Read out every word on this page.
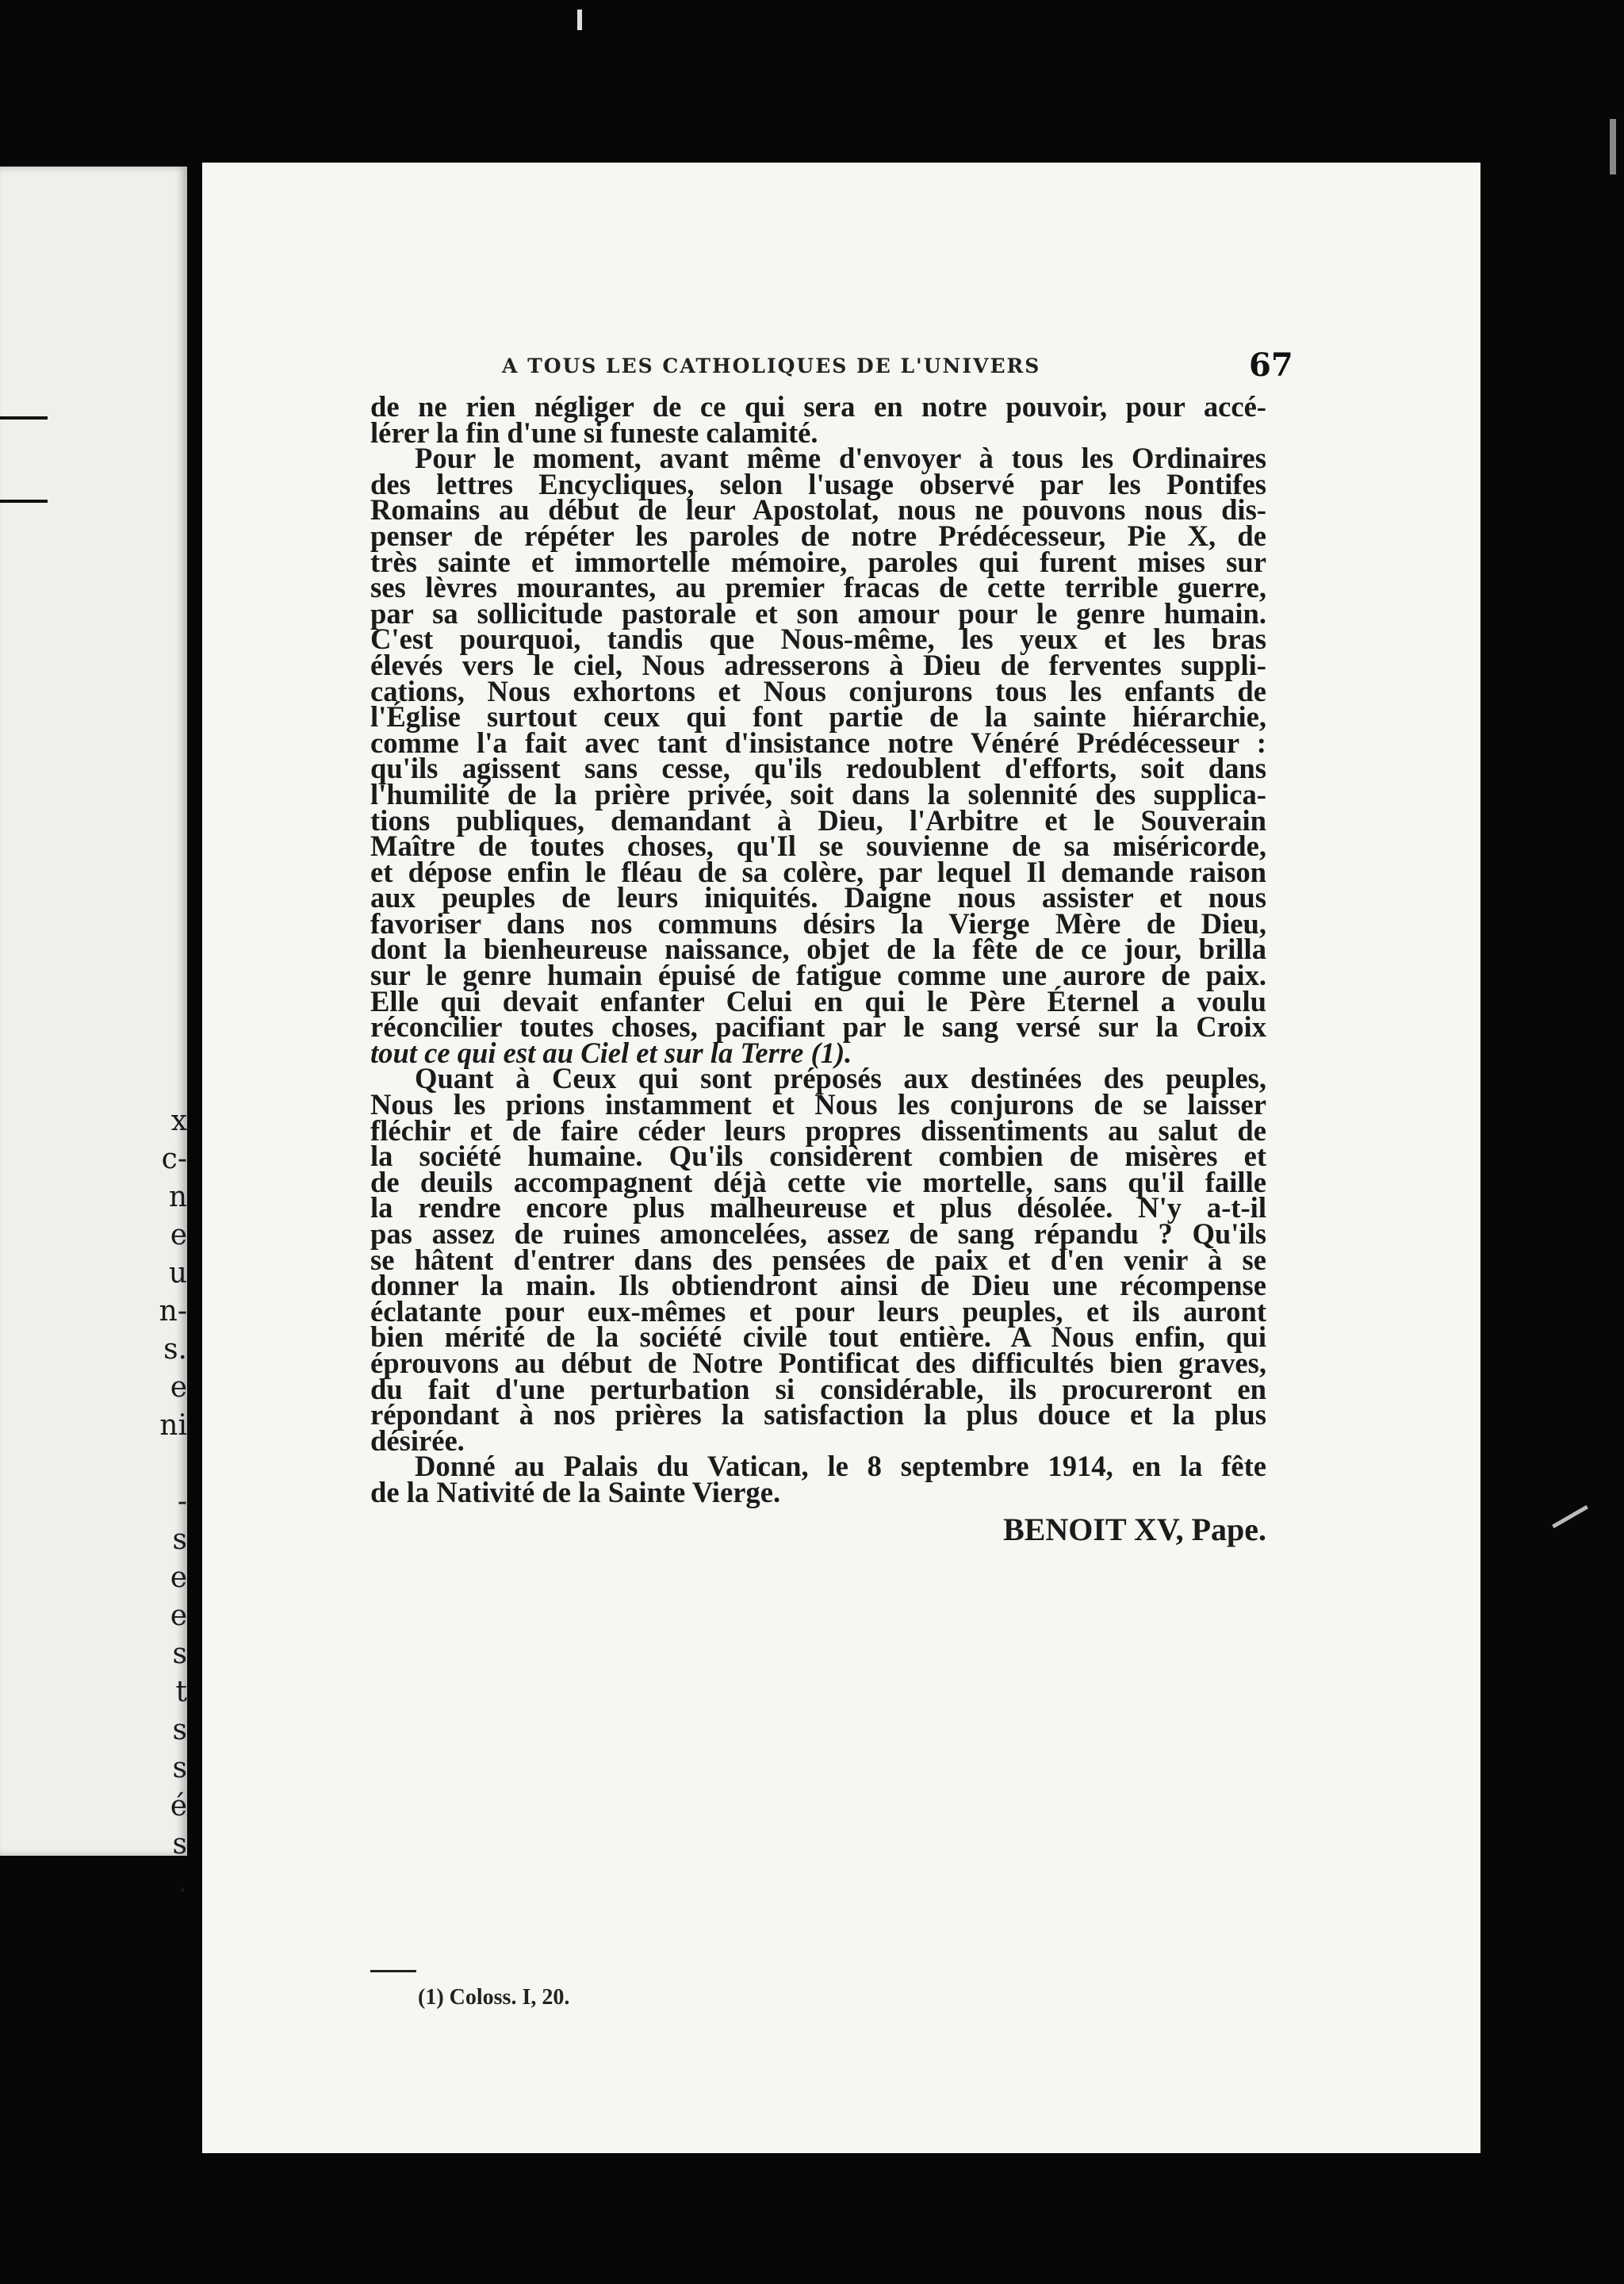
x
c-
n
e
u
n-
s.
e
ni
-
s
e
e
s
t
s
s
é
s
.
A TOUS LES CATHOLIQUES DE L'UNIVERS	67
de ne rien négliger de ce qui sera en notre pouvoir, pour accé-
lérer la fin d'une si funeste calamité.
Pour le moment, avant même d'envoyer à tous les Ordinaires
des lettres Encycliques, selon l'usage observé par les Pontifes
Romains au début de leur Apostolat, nous ne pouvons nous dis-
penser de répéter les paroles de notre Prédécesseur, Pie X, de
très sainte et immortelle mémoire, paroles qui furent mises sur
ses lèvres mourantes, au premier fracas de cette terrible guerre,
par sa sollicitude pastorale et son amour pour le genre humain.
C'est pourquoi, tandis que Nous-même, les yeux et les bras
élevés vers le ciel, Nous adresserons à Dieu de ferventes suppli-
cations, Nous exhortons et Nous conjurons tous les enfants de
l'Église surtout ceux qui font partie de la sainte hiérarchie,
comme l'a fait avec tant d'insistance notre Vénéré Prédécesseur :
qu'ils agissent sans cesse, qu'ils redoublent d'efforts, soit dans
l'humilité de la prière privée, soit dans la solennité des supplica-
tions publiques, demandant à Dieu, l'Arbitre et le Souverain
Maître de toutes choses, qu'Il se souvienne de sa miséricorde,
et dépose enfin le fléau de sa colère, par lequel Il demande raison
aux peuples de leurs iniquités. Daigne nous assister et nous
favoriser dans nos communs désirs la Vierge Mère de Dieu,
dont la bienheureuse naissance, objet de la fête de ce jour, brilla
sur le genre humain épuisé de fatigue comme une aurore de paix.
Elle qui devait enfanter Celui en qui le Père Éternel a voulu
réconcilier toutes choses, pacifiant par le sang versé sur la Croix
tout ce qui est au Ciel et sur la Terre (1).
Quant à Ceux qui sont préposés aux destinées des peuples,
Nous les prions instamment et Nous les conjurons de se laisser
fléchir et de faire céder leurs propres dissentiments au salut de
la société humaine. Qu'ils considèrent combien de misères et
de deuils accompagnent déjà cette vie mortelle, sans qu'il faille
la rendre encore plus malheureuse et plus désolée. N'y a-t-il
pas assez de ruines amoncelées, assez de sang répandu ? Qu'ils
se hâtent d'entrer dans des pensées de paix et d'en venir à se
donner la main. Ils obtiendront ainsi de Dieu une récompense
éclatante pour eux-mêmes et pour leurs peuples, et ils auront
bien mérité de la société civile tout entière. A Nous enfin, qui
éprouvons au début de Notre Pontificat des difficultés bien graves,
du fait d'une perturbation si considérable, ils procureront en
répondant à nos prières la satisfaction la plus douce et la plus
désirée.
Donné au Palais du Vatican, le 8 septembre 1914, en la fête
de la Nativité de la Sainte Vierge.
BENOIT XV, Pape.
(1) Coloss. I, 20.
